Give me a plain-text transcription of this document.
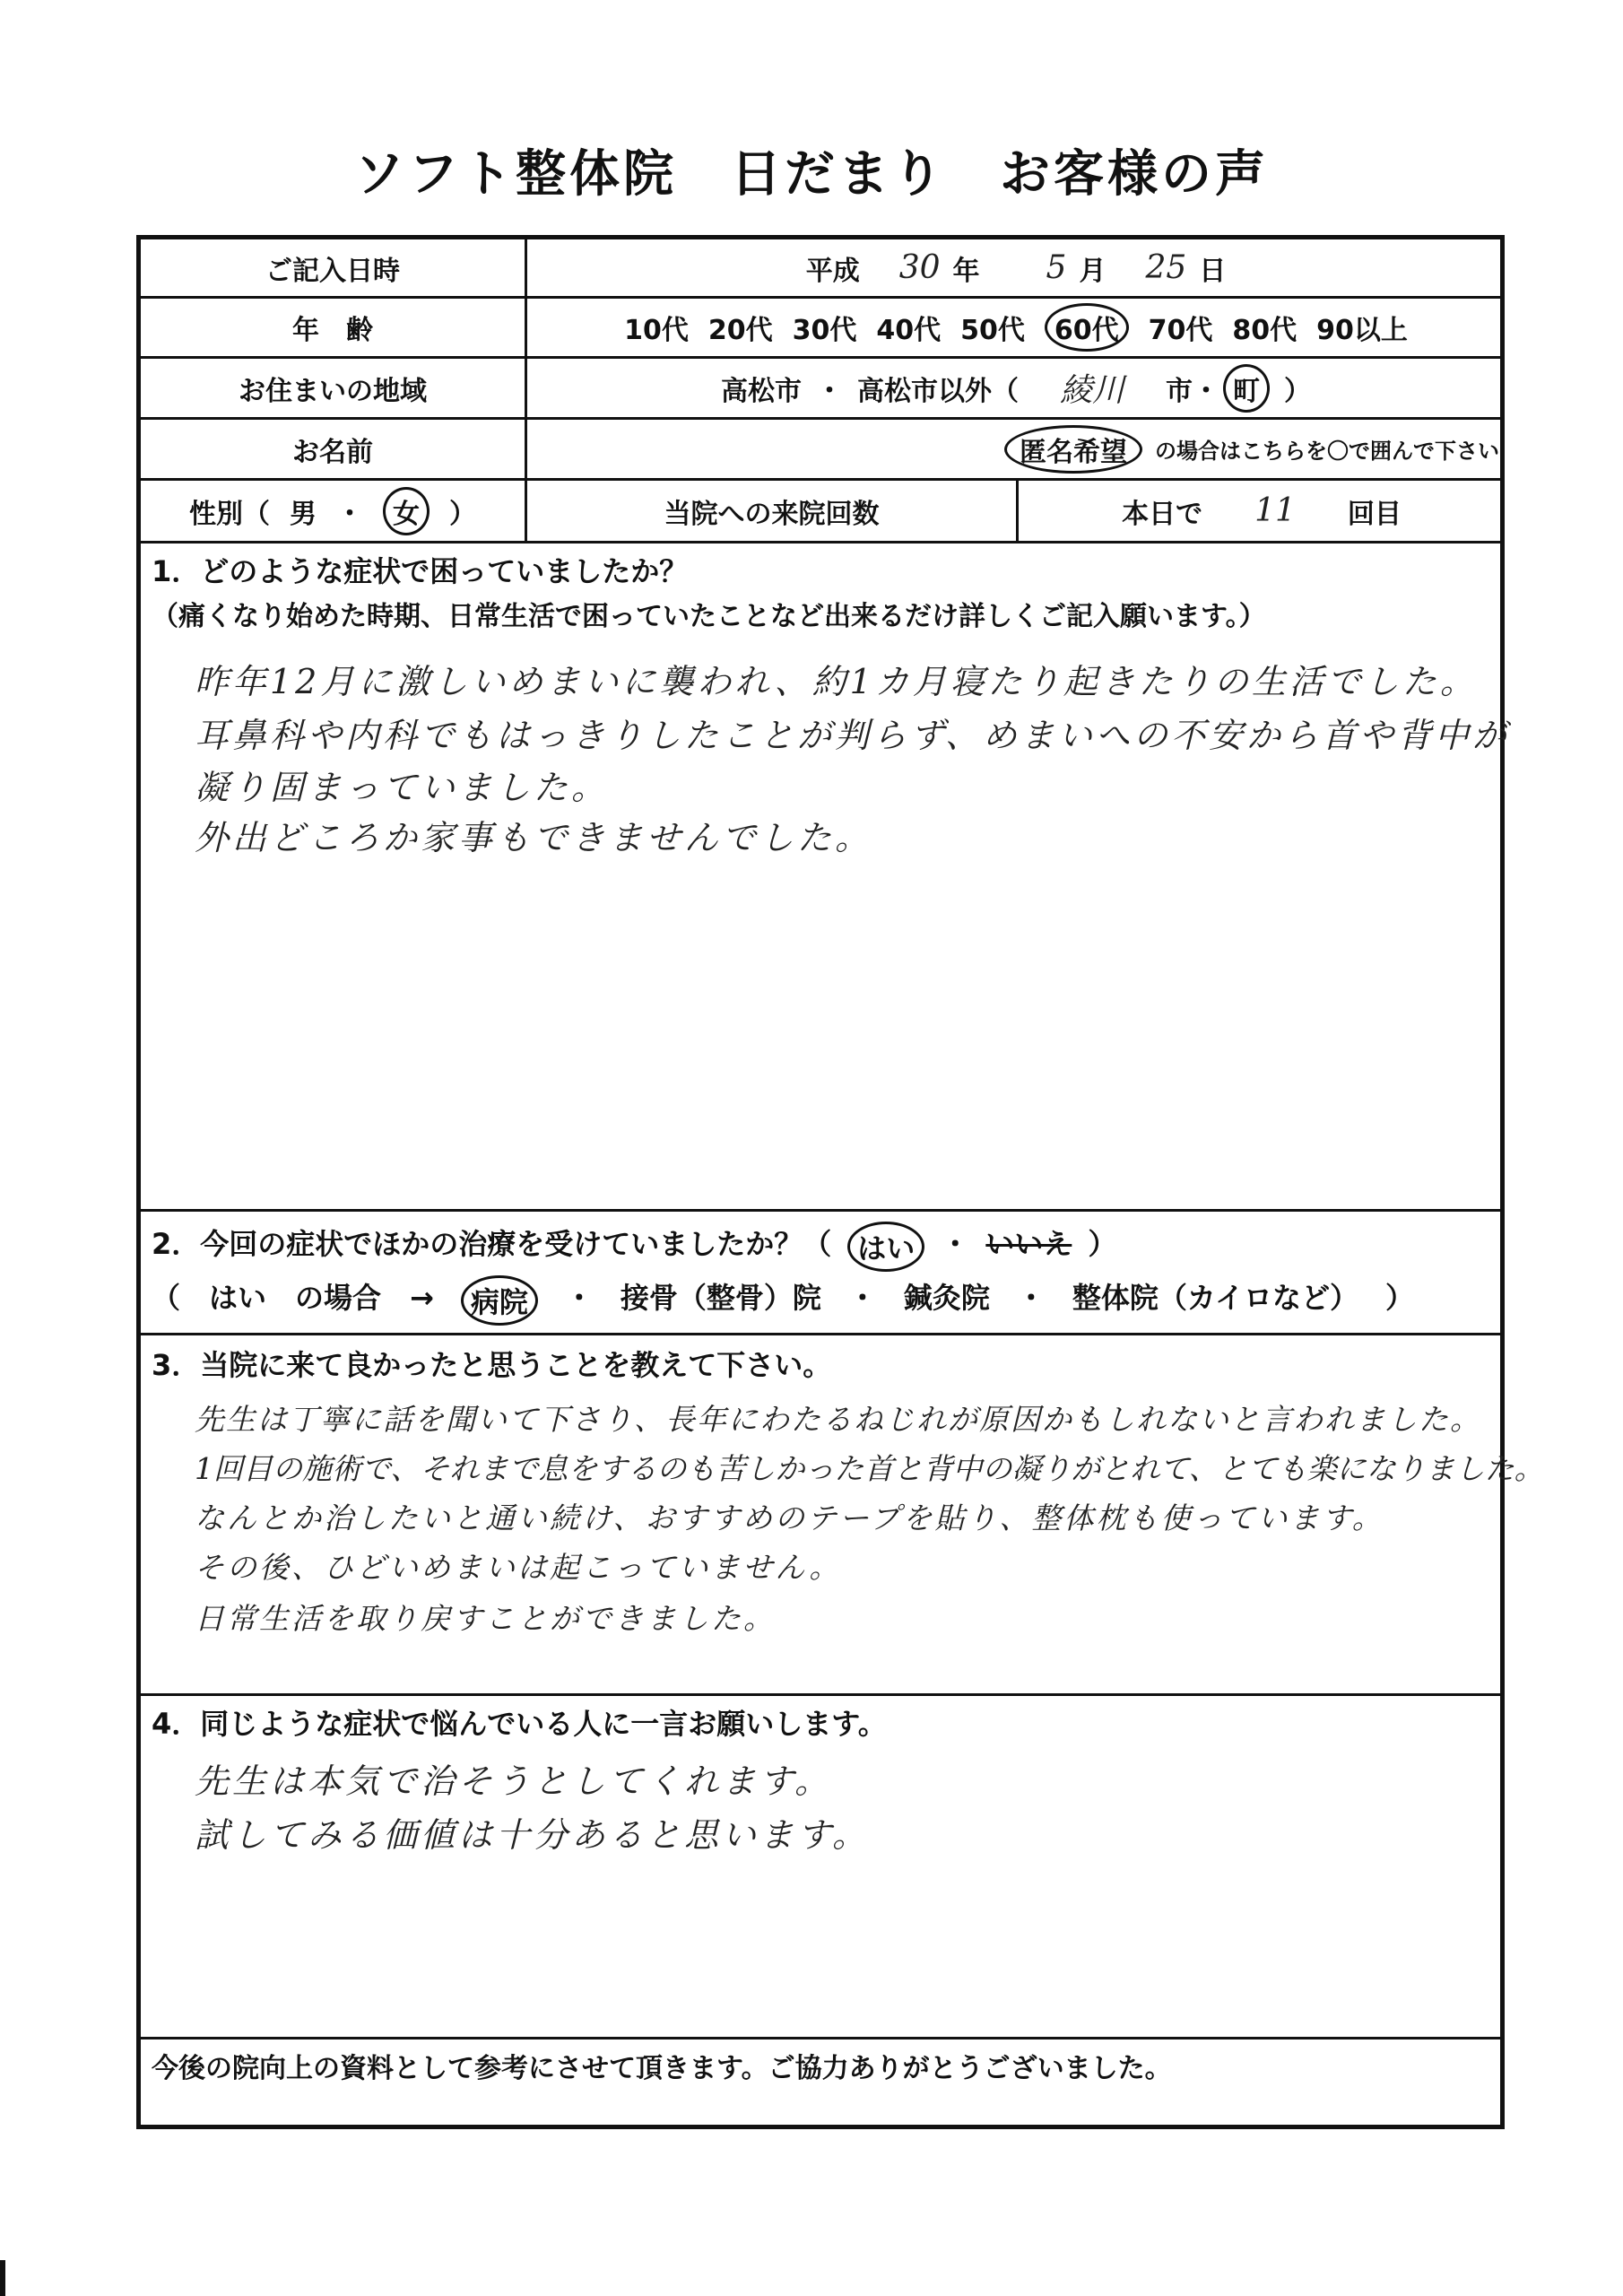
ソフト整体院　日だまり　お客様の声
ご記入日時	平成 30 年 5 月 25 日
年　齢	10代 20代 30代 40代 50代	60代	70代 80代 90以上
お住まいの地域	高松市 ・ 高松市以外（ 綾川 市・ 町 ）
お名前	匿名希望	の場合はこちらを〇で囲んで下さい
性別（ 男 ・	女	）	当院への来院回数	本日で 11 回目
1．どのような症状で困っていましたか？
（痛くなり始めた時期、日常生活で困っていたことなど出来るだけ詳しくご記入願います。）
昨年12月に激しいめまいに襲われ、約1カ月寝たり起きたりの生活でした。
耳鼻科や内科でもはっきりしたことが判らず、めまいへの不安から首や背中が
凝り固まっていました。
外出どころか家事もできませんでした。
2．今回の症状でほかの治療を受けていましたか？（ はい ・ いいえ ）
（　はい　の場合　→	病院	・ 接骨（整骨）院 ・ 鍼灸院 ・ 整体院（カイロなど） ）
3．当院に来て良かったと思うことを教えて下さい。
先生は丁寧に話を聞いて下さり、長年にわたるねじれが原因かもしれないと言われました。
1回目の施術で、それまで息をするのも苦しかった首と背中の凝りがとれて、とても楽になりました。
なんとか治したいと通い続け、おすすめのテープを貼り、整体枕も使っています。
その後、ひどいめまいは起こっていません。
日常生活を取り戻すことができました。
4．同じような症状で悩んでいる人に一言お願いします。
先生は本気で治そうとしてくれます。
試してみる価値は十分あると思います。
今後の院向上の資料として参考にさせて頂きます。ご協力ありがとうございました。
